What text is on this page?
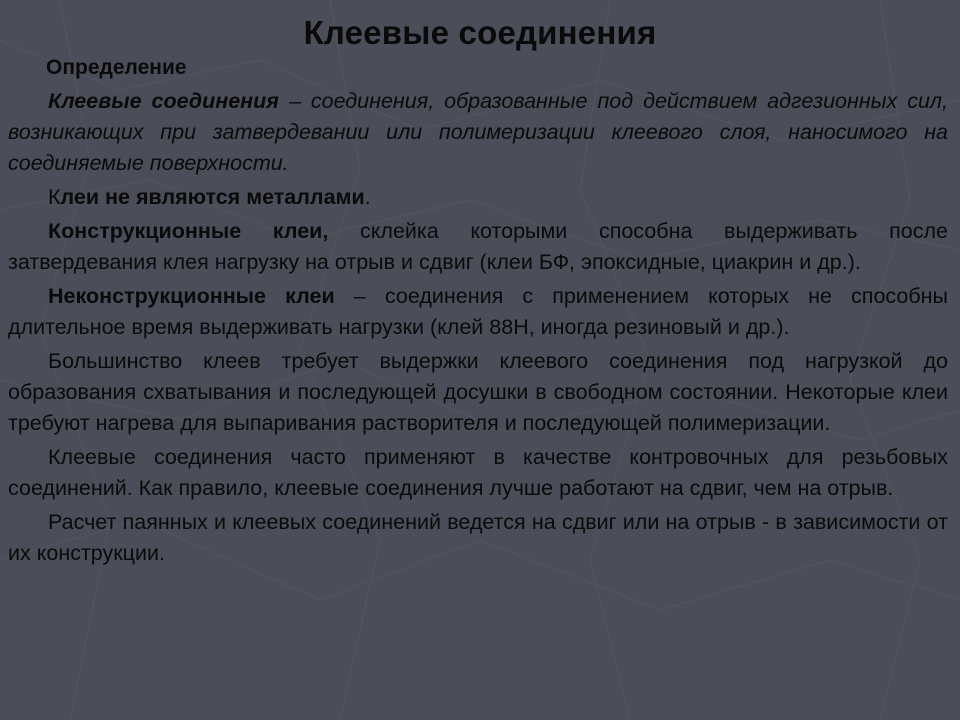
Клеевые соединения
Определение

Клеевые соединения – соединения, образованные под действием адгезионных сил, возникающих при затвердевании или полимеризации клеевого слоя, наносимого на соединяемые поверхности.

Клеи не являются металлами.

Конструкционные клеи, склейка которыми способна выдерживать после затвердевания клея нагрузку на отрыв и сдвиг (клеи БФ, эпоксидные, циакрин и др.).

Неконструкционные клеи – соединения с применением которых не способны длительное время выдерживать нагрузки (клей 88Н, иногда резиновый и др.).

Большинство клеев требует выдержки клеевого соединения под нагрузкой до образования схватывания и последующей досушки в свободном состоянии. Некоторые клеи требуют нагрева для выпаривания растворителя и последующей полимеризации.

Клеевые соединения часто применяют в качестве контровочных для резьбовых соединений. Как правило, клеевые соединения лучше работают на сдвиг, чем на отрыв.

Расчет паянных и клеевых соединений ведется на сдвиг или на отрыв - в зависимости от их конструкции.
